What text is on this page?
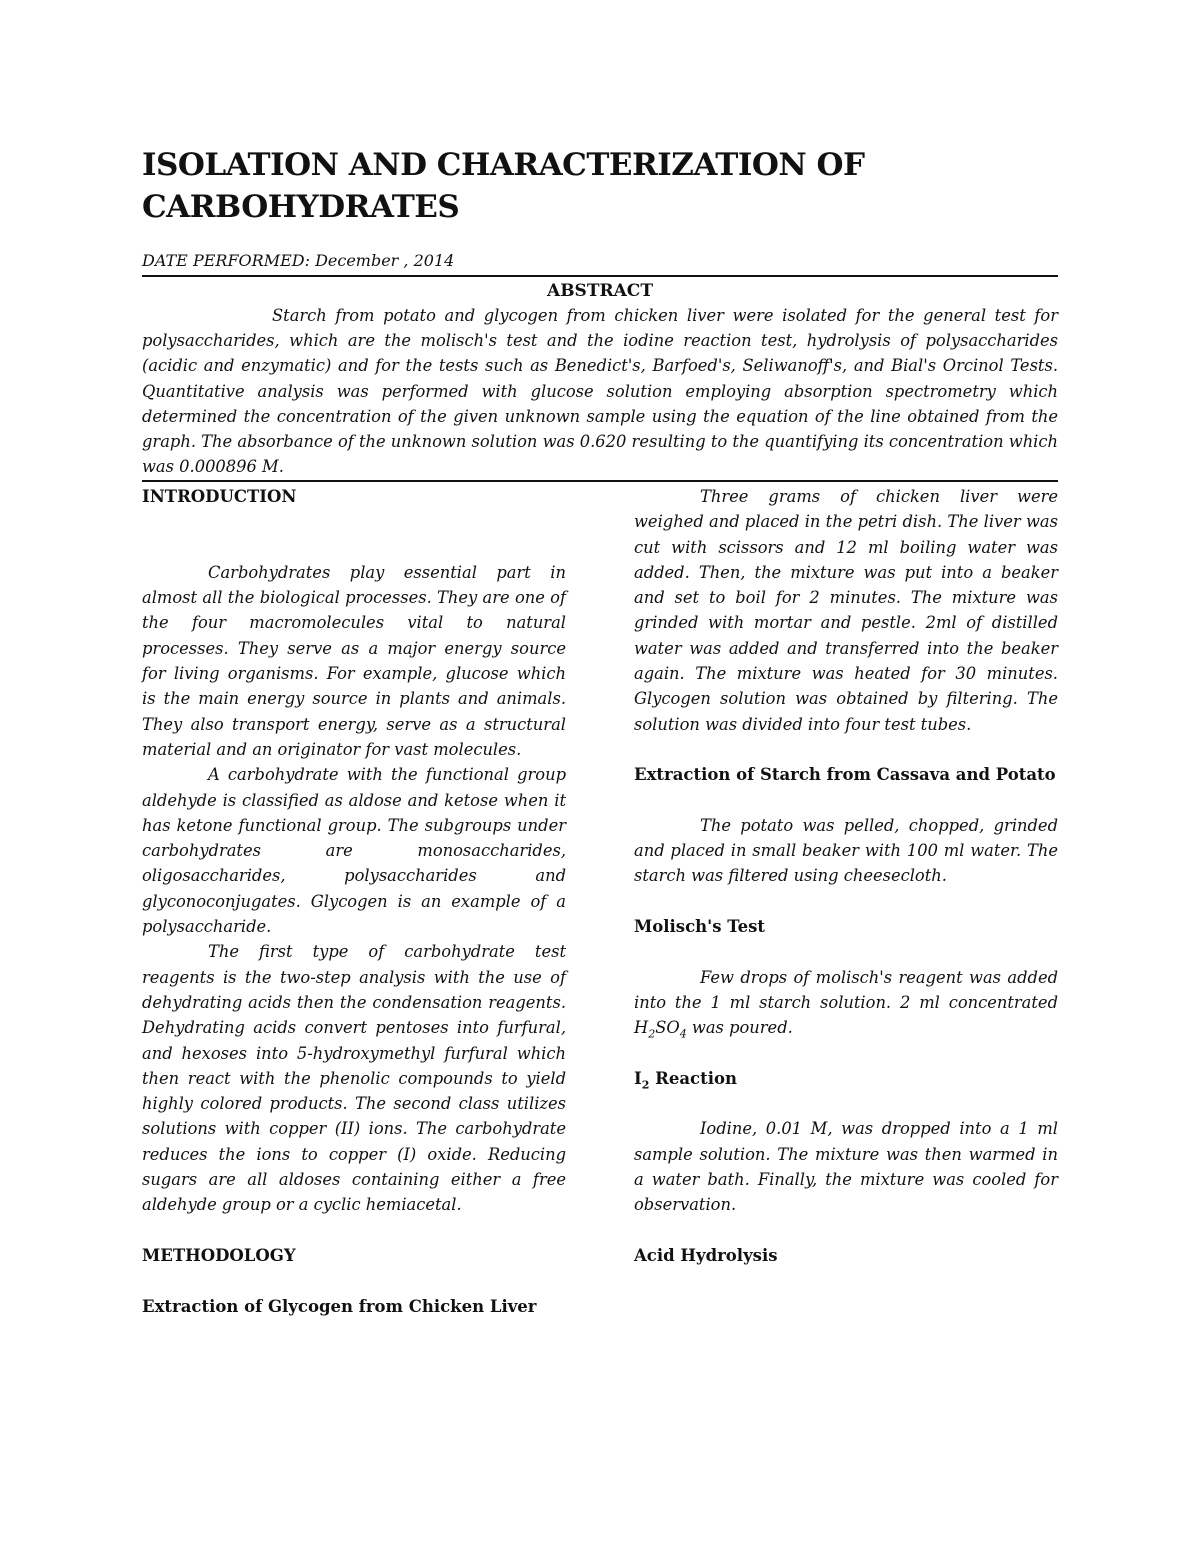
ISOLATION AND CHARACTERIZATION OF CARBOHYDRATES
DATE PERFORMED: December , 2014
ABSTRACT

Starch from potato and glycogen from chicken liver were isolated for the general test for polysaccharides, which are the molisch's test and the iodine reaction test, hydrolysis of polysaccharides (acidic and enzymatic) and for the tests such as Benedict's, Barfoed's, Seliwanoff's, and Bial's Orcinol Tests. Quantitative analysis was performed with glucose solution employing absorption spectrometry which determined the concentration of the given unknown sample using the equation of the line obtained from the graph. The absorbance of the unknown solution was 0.620 resulting to the quantifying its concentration which was 0.000896 M.

INTRODUCTION

Carbohydrates play essential part in almost all the biological processes. They are one of the four macromolecules vital to natural processes. They serve as a major energy source for living organisms. For example, glucose which is the main energy source in plants and animals. They also transport energy, serve as a structural material and an originator for vast molecules.

A carbohydrate with the functional group aldehyde is classified as aldose and ketose when it has ketone functional group. The subgroups under carbohydrates are monosaccharides, oligosaccharides, polysaccharides and glyconoconjugates. Glycogen is an example of a polysaccharide.

The first type of carbohydrate test reagents is the two-step analysis with the use of dehydrating acids then the condensation reagents. Dehydrating acids convert pentoses into furfural, and hexoses into 5-hydroxymethyl furfural which then react with the phenolic compounds to yield highly colored products. The second class utilizes solutions with copper (II) ions. The carbohydrate reduces the ions to copper (I) oxide. Reducing sugars are all aldoses containing either a free aldehyde group or a cyclic hemiacetal.

METHODOLOGY
Extraction of Glycogen from Chicken Liver

Three grams of chicken liver were weighed and placed in the petri dish. The liver was cut with scissors and 12 ml boiling water was added. Then, the mixture was put into a beaker and set to boil for 2 minutes. The mixture was grinded with mortar and pestle. 2ml of distilled water was added and transferred into the beaker again. The mixture was heated for 30 minutes. Glycogen solution was obtained by filtering. The solution was divided into four test tubes.

Extraction of Starch from Cassava and Potato

The potato was pelled, chopped, grinded and placed in small beaker with 100 ml water. The starch was filtered using cheesecloth.

Molisch's Test

Few drops of molisch's reagent was added into the 1 ml starch solution. 2 ml concentrated $H_2SO_4$ was poured.

$I_2$ Reaction

Iodine, 0.01 M, was dropped into a 1 ml sample solution. The mixture was then warmed in a water bath. Finally, the mixture was cooled for observation.

Acid Hydrolysis
